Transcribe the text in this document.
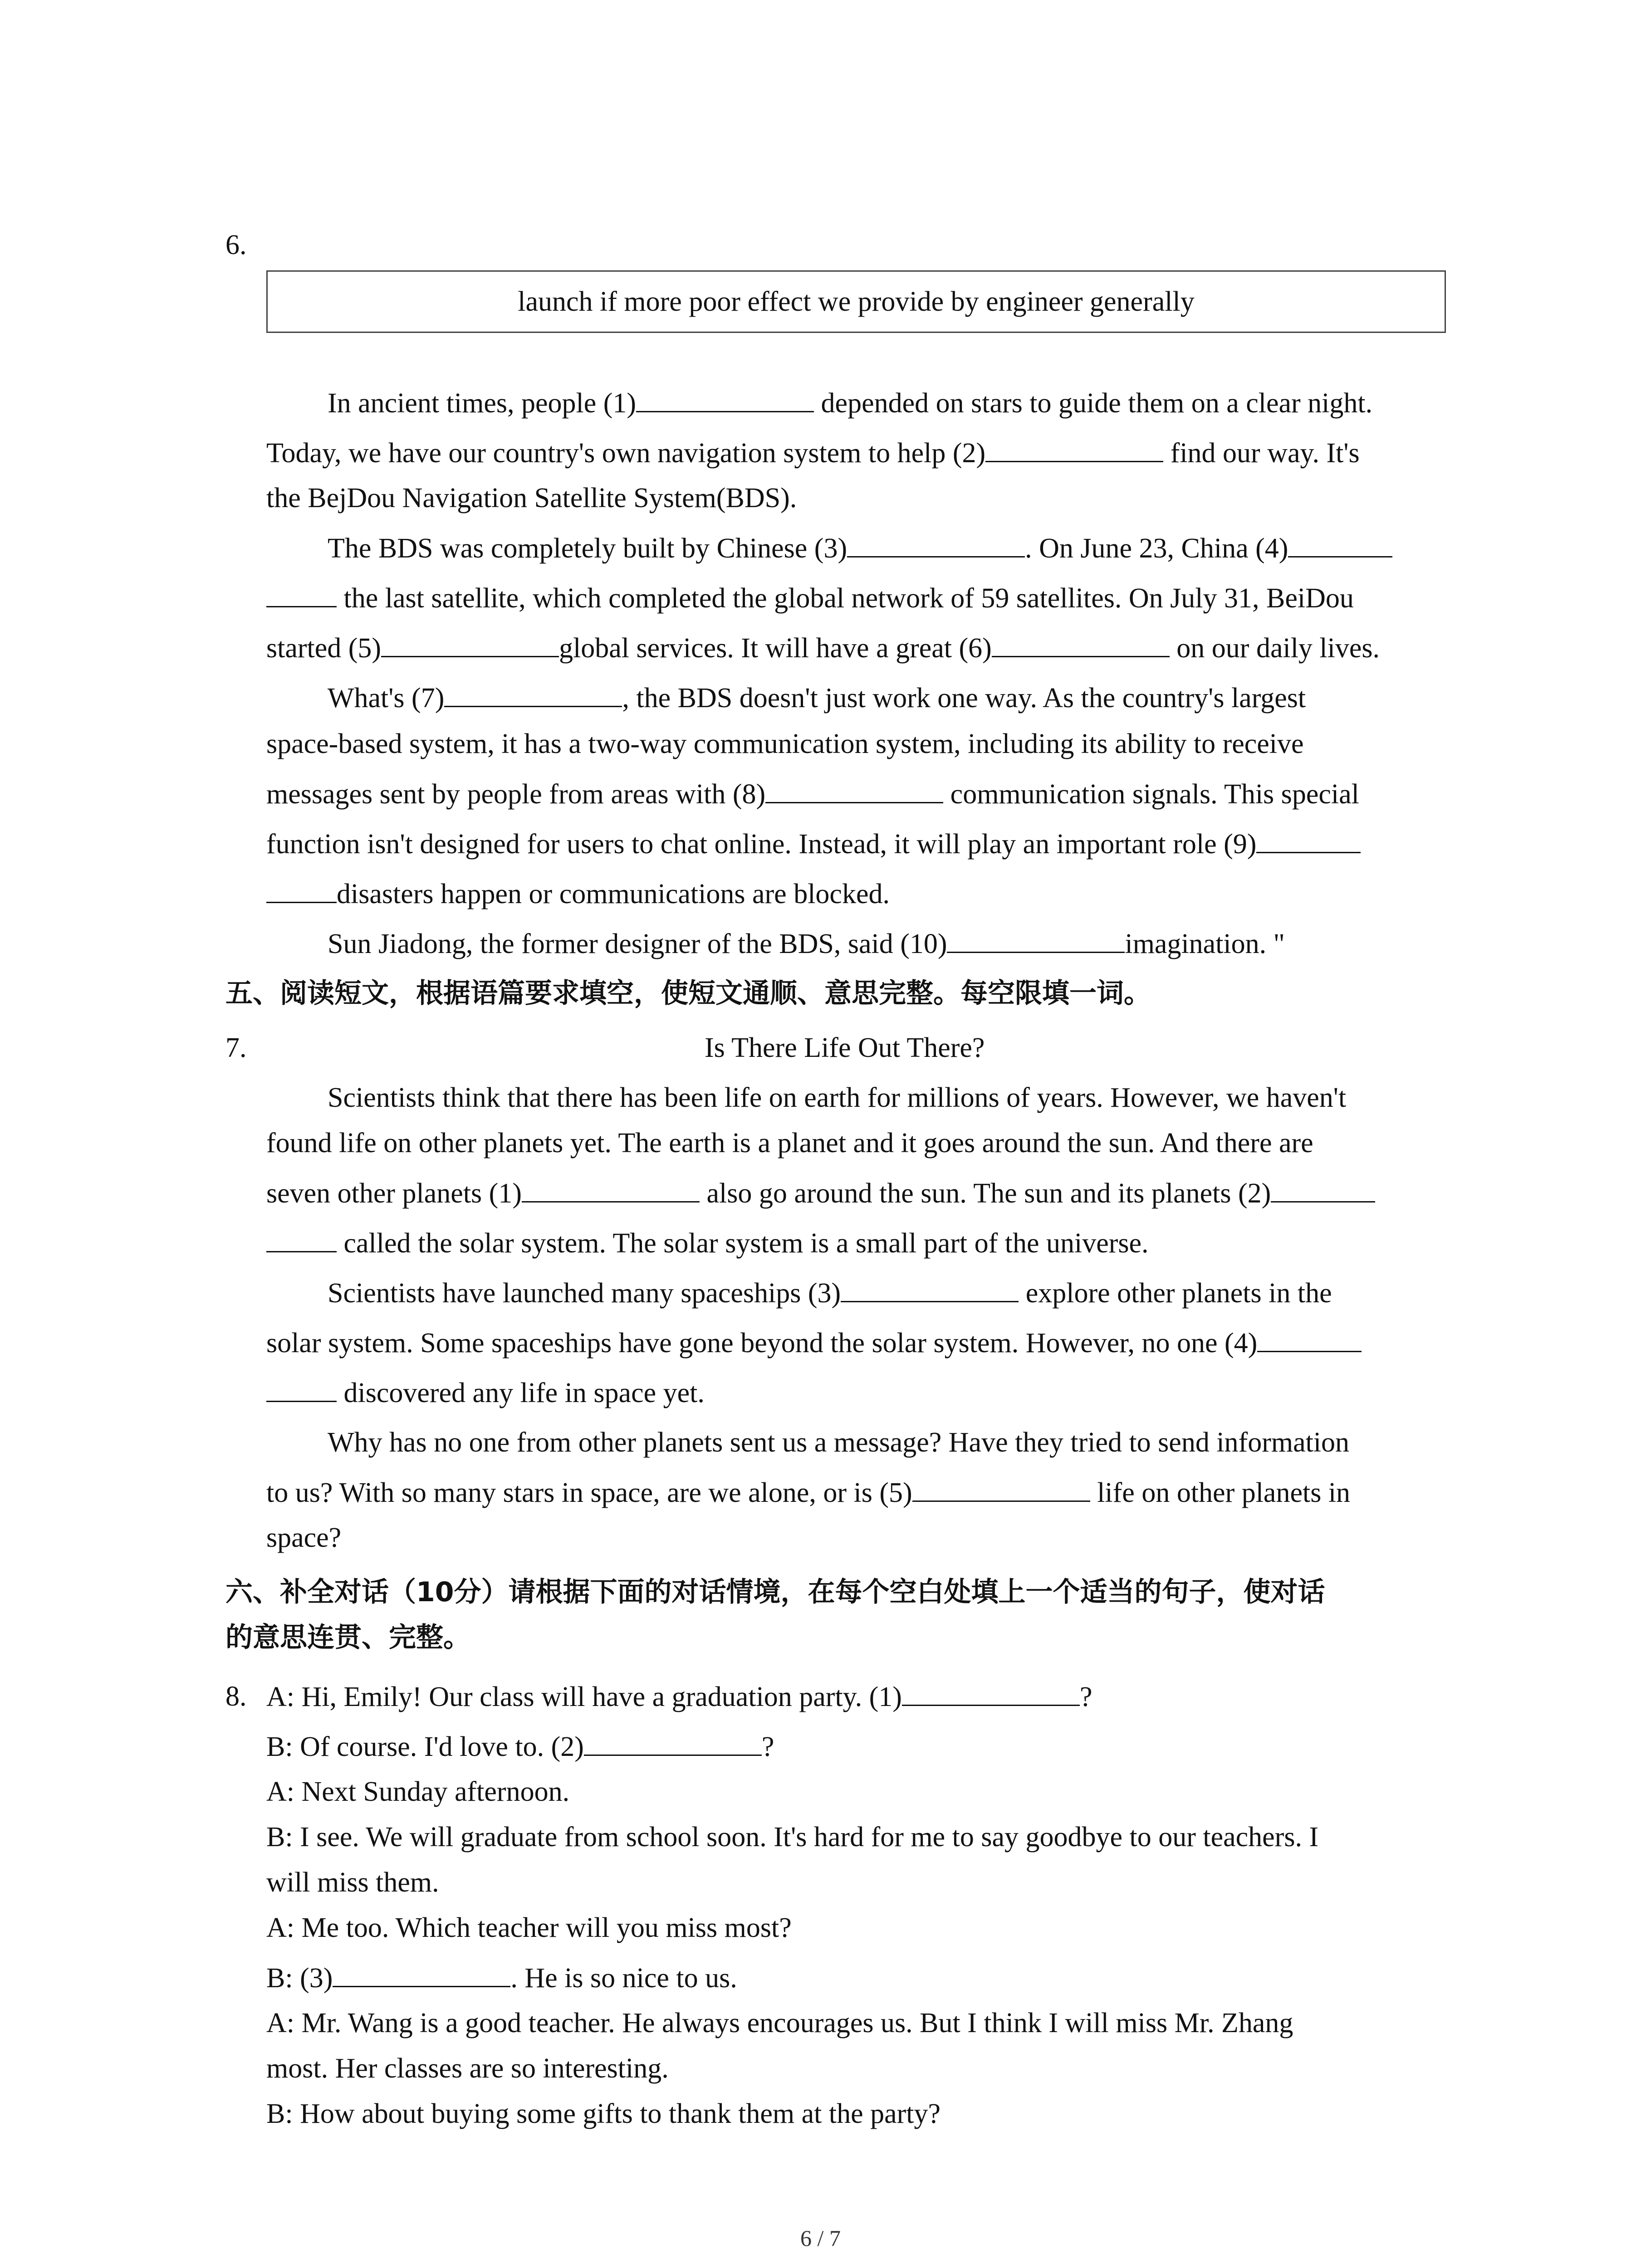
6.
launch if more poor effect we provide by engineer generally
In ancient times, people (1)	depended on stars to guide them on a clear night.
Today, we have our country's own navigation system to help (2)	find our way. It's
the BejDou Navigation Satellite System(BDS).
The BDS was completely built by Chinese (3)	. On June 23, China (4)
the last satellite, which completed the global network of 59 satellites. On July 31, BeiDou
started (5)	global services. It will have a great (6)	on our daily lives.
What's (7)	, the BDS doesn't just work one way. As the country's largest
space-based system, it has a two-way communication system, including its ability to receive
messages sent by people from areas with (8)	communication signals. This special
function isn't designed for users to chat online. Instead, it will play an important role (9)
disasters happen or communications are blocked.
Sun Jiadong, the former designer of the BDS, said (10)	imagination. "
五、阅读短文，根据语篇要求填空，使短文通顺、意思完整。每空限填一词。
7.	Is There Life Out There?
Scientists think that there has been life on earth for millions of years. However, we haven't
found life on other planets yet. The earth is a planet and it goes around the sun. And there are
seven other planets (1)	also go around the sun. The sun and its planets (2)
called the solar system. The solar system is a small part of the universe.
Scientists have launched many spaceships (3)	explore other planets in the
solar system. Some spaceships have gone beyond the solar system. However, no one (4)
discovered any life in space yet.
Why has no one from other planets sent us a message? Have they tried to send information
to us? With so many stars in space, are we alone, or is (5)	life on other planets in
space?
六、补全对话（10分）请根据下面的对话情境，在每个空白处填上一个适当的句子，使对话
的意思连贯、完整。
8. A: Hi, Emily! Our class will have a graduation party. (1)	?
B: Of course. I'd love to. (2)	?
A: Next Sunday afternoon.
B: I see. We will graduate from school soon. It's hard for me to say goodbye to our teachers. I
will miss them.
A: Me too. Which teacher will you miss most?
B: (3)	. He is so nice to us.
A: Mr. Wang is a good teacher. He always encourages us. But I think I will miss Mr. Zhang
most. Her classes are so interesting.
B: How about buying some gifts to thank them at the party?
6 / 7
